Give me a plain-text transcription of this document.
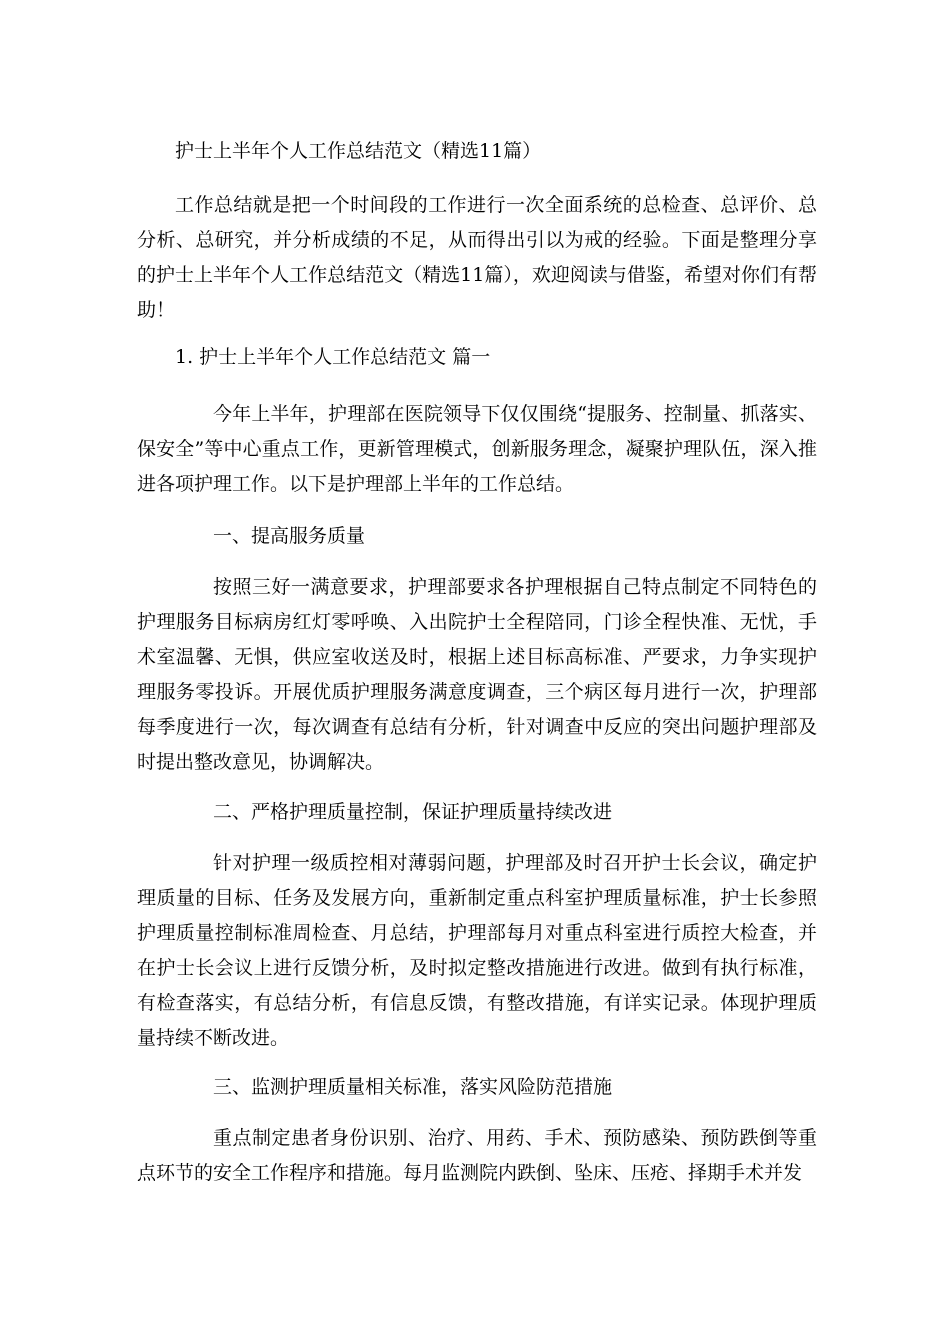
护士上半年个人工作总结范文（精选11篇）

工作总结就是把一个时间段的工作进行一次全面系统的总检查、总评价、总分析、总研究，并分析成绩的不足，从而得出引以为戒的经验。下面是整理分享的护士上半年个人工作总结范文（精选11篇），欢迎阅读与借鉴，希望对你们有帮助！

1. 护士上半年个人工作总结范文 篇一

今年上半年，护理部在医院领导下仅仅围绕“提服务、控制量、抓落实、保安全”等中心重点工作，更新管理模式，创新服务理念，凝聚护理队伍，深入推进各项护理工作。以下是护理部上半年的工作总结。

一、提高服务质量

按照三好一满意要求，护理部要求各护理根据自己特点制定不同特色的护理服务目标病房红灯零呼唤、入出院护士全程陪同，门诊全程快准、无忧，手术室温馨、无惧，供应室收送及时，根据上述目标高标准、严要求，力争实现护理服务零投诉。开展优质护理服务满意度调查，三个病区每月进行一次，护理部每季度进行一次，每次调查有总结有分析，针对调查中反应的突出问题护理部及时提出整改意见，协调解决。

二、严格护理质量控制，保证护理质量持续改进

针对护理一级质控相对薄弱问题，护理部及时召开护士长会议，确定护理质量的目标、任务及发展方向，重新制定重点科室护理质量标准，护士长参照护理质量控制标准周检查、月总结，护理部每月对重点科室进行质控大检查，并在护士长会议上进行反馈分析，及时拟定整改措施进行改进。做到有执行标准，有检查落实，有总结分析，有信息反馈，有整改措施，有详实记录。体现护理质量持续不断改进。

三、监测护理质量相关标准，落实风险防范措施

重点制定患者身份识别、治疗、用药、手术、预防感染、预防跌倒等重点环节的安全工作程序和措施。每月监测院内跌倒、坠床、压疮、择期手术并发
